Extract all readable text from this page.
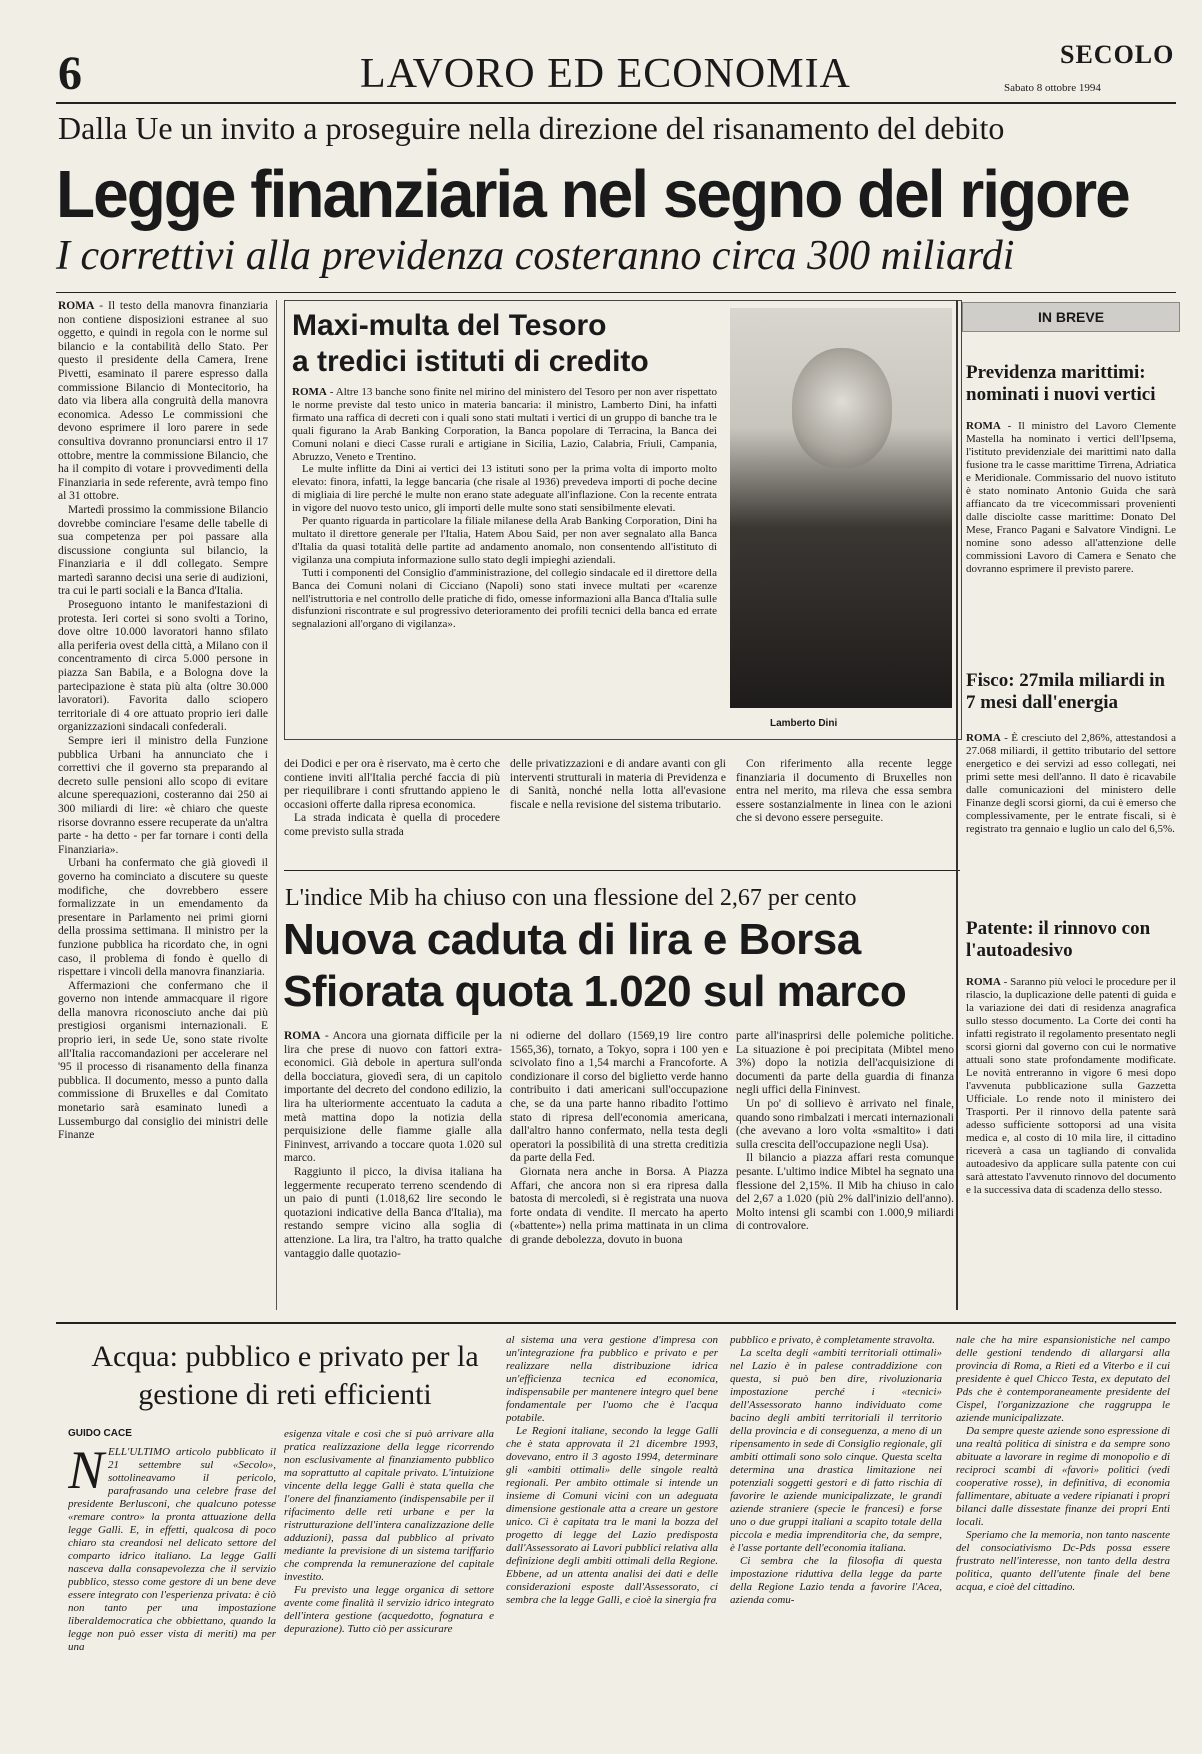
6	LAVORO ED ECONOMIA	SECOLO
Sabato 8 ottobre 1994
Dalla Ue un invito a proseguire nella direzione del risanamento del debito
Legge finanziaria nel segno del rigore
I correttivi alla previdenza costeranno circa 300 miliardi

ROMA - Il testo della manovra finanziaria non contiene disposizioni estranee al suo oggetto, e quindi in regola con le norme sul bilancio e la contabilità dello Stato. Per questo il presidente della Camera, Irene Pivetti, esaminato il parere espresso dalla commissione Bilancio di Montecitorio, ha dato via libera alla congruità della manovra economica. Adesso Le commissioni che devono esprimere il loro parere in sede consultiva dovranno pronunciarsi entro il 17 ottobre, mentre la commissione Bilancio, che ha il compito di votare i provvedimenti della Finanziaria in sede referente, avrà tempo fino al 31 ottobre.

Martedì prossimo la commissione Bilancio dovrebbe cominciare l'esame delle tabelle di sua competenza per poi passare alla discussione congiunta sul bilancio, la Finanziaria e il ddl collegato. Sempre martedì saranno decisi una serie di audizioni, tra cui le parti sociali e la Banca d'Italia.

Proseguono intanto le manifestazioni di protesta. Ieri cortei si sono svolti a Torino, dove oltre 10.000 lavoratori hanno sfilato alla periferia ovest della città, a Milano con il concentramento di circa 5.000 persone in piazza San Babila, e a Bologna dove la partecipazione è stata più alta (oltre 30.000 lavoratori). Favorita dallo sciopero territoriale di 4 ore attuato proprio ieri dalle organizzazioni sindacali confederali.

Sempre ieri il ministro della Funzione pubblica Urbani ha annunciato che i correttivi che il governo sta preparando al decreto sulle pensioni allo scopo di evitare alcune sperequazioni, costeranno dai 250 ai 300 miliardi di lire: «è chiaro che queste risorse dovranno essere recuperate da un'altra parte - ha detto - per far tornare i conti della Finanziaria».

Urbani ha confermato che già giovedì il governo ha cominciato a discutere su queste modifiche, che dovrebbero essere formalizzate in un emendamento da presentare in Parlamento nei primi giorni della prossima settimana. Il ministro per la funzione pubblica ha ricordato che, in ogni caso, il problema di fondo è quello di rispettare i vincoli della manovra finanziaria.

Affermazioni che confermano che il governo non intende ammacquare il rigore della manovra riconosciuto anche dai più prestigiosi organismi internazionali. E proprio ieri, in sede Ue, sono state rivolte all'Italia raccomandazioni per accelerare nel '95 il processo di risanamento della finanza pubblica. Il documento, messo a punto dalla commissione di Bruxelles e dal Comitato monetario sarà esaminato lunedì a Lussemburgo dal consiglio dei ministri delle Finanze

Maxi-multa del Tesoro
a tredici istituti di credito

ROMA - Altre 13 banche sono finite nel mirino del ministero del Tesoro per non aver rispettato le norme previste dal testo unico in materia bancaria: il ministro, Lamberto Dini, ha infatti firmato una raffica di decreti con i quali sono stati multati i vertici di un gruppo di banche tra le quali figurano la Arab Banking Corporation, la Banca popolare di Terracina, la Banca dei Comuni nolani e dieci Casse rurali e artigiane in Sicilia, Lazio, Calabria, Friuli, Campania, Abruzzo, Veneto e Trentino.

Le multe inflitte da Dini ai vertici dei 13 istituti sono per la prima volta di importo molto elevato: finora, infatti, la legge bancaria (che risale al 1936) prevedeva importi di poche decine di migliaia di lire perché le multe non erano state adeguate all'inflazione. Con la recente entrata in vigore del nuovo testo unico, gli importi delle multe sono stati sensibilmente elevati.

Per quanto riguarda in particolare la filiale milanese della Arab Banking Corporation, Dini ha multato il direttore generale per l'Italia, Hatem Abou Said, per non aver segnalato alla Banca d'Italia da quasi totalità delle partite ad andamento anomalo, non consentendo all'istituto di vigilanza una compiuta informazione sullo stato degli impieghi aziendali.

Tutti i componenti del Consiglio d'amministrazione, del collegio sindacale ed il direttore della Banca dei Comuni nolani di Cicciano (Napoli) sono stati invece multati per «carenze nell'istruttoria e nel controllo delle pratiche di fido, omesse informazioni alla Banca d'Italia sulle disfunzioni riscontrate e sul progressivo deterioramento dei profili tecnici della banca ed errate segnalazioni all'organo di vigilanza».

Lamberto Dini

dei Dodici e per ora è riservato, ma è certo che contiene inviti all'Italia perché faccia di più per riequilibrare i conti sfruttando appieno le occasioni offerte dalla ripresa economica.

La strada indicata è quella di procedere come previsto sulla strada

delle privatizzazioni e di andare avanti con gli interventi strutturali in materia di Previdenza e di Sanità, nonché nella lotta all'evasione fiscale e nella revisione del sistema tributario.

Con riferimento alla recente legge finanziaria il documento di Bruxelles non entra nel merito, ma rileva che essa sembra essere sostanzialmente in linea con le azioni che si devono essere perseguite.

L'indice Mib ha chiuso con una flessione del 2,67 per cento
Nuova caduta di lira e Borsa
Sfiorata quota 1.020 sul marco

ROMA - Ancora una giornata difficile per la lira che prese di nuovo con fattori extra-economici. Già debole in apertura sull'onda della bocciatura, giovedì sera, di un capitolo importante del decreto del condono edilizio, la lira ha ulteriormente accentuato la caduta a metà mattina dopo la notizia della perquisizione delle fiamme gialle alla Fininvest, arrivando a toccare quota 1.020 sul marco.

Raggiunto il picco, la divisa italiana ha leggermente recuperato terreno scendendo di un paio di punti (1.018,62 lire secondo le quotazioni indicative della Banca d'Italia), ma restando sempre vicino alla soglia di attenzione. La lira, tra l'altro, ha tratto qualche vantaggio dalle quotazio-

ni odierne del dollaro (1569,19 lire contro 1565,36), tornato, a Tokyo, sopra i 100 yen e scivolato fino a 1,54 marchi a Francoforte. A condizionare il corso del biglietto verde hanno contribuito i dati americani sull'occupazione che, se da una parte hanno ribadito l'ottimo stato di ripresa dell'economia americana, dall'altro hanno confermato, nella testa degli operatori la possibilità di una stretta creditizia da parte della Fed.

Giornata nera anche in Borsa. A Piazza Affari, che ancora non si era ripresa dalla batosta di mercoledì, si è registrata una nuova forte ondata di vendite. Il mercato ha aperto («battente») nella prima mattinata in un clima di grande debolezza, dovuto in buona

parte all'inasprirsi delle polemiche politiche. La situazione è poi precipitata (Mibtel meno 3%) dopo la notizia dell'acquisizione di documenti da parte della guardia di finanza negli uffici della Fininvest.

Un po' di sollievo è arrivato nel finale, quando sono rimbalzati i mercati internazionali (che avevano a loro volta «smaltito» i dati sulla crescita dell'occupazione negli Usa).

Il bilancio a piazza affari resta comunque pesante. L'ultimo indice Mibtel ha segnato una flessione del 2,15%. Il Mib ha chiuso in calo del 2,67 a 1.020 (più 2% dall'inizio dell'anno). Molto intensi gli scambi con 1.000,9 miliardi di controvalore.

IN BREVE
Previdenza marittimi: nominati i nuovi vertici

ROMA - Il ministro del Lavoro Clemente Mastella ha nominato i vertici dell'Ipsema, l'istituto previdenziale dei marittimi nato dalla fusione tra le casse marittime Tirrena, Adriatica e Meridionale. Commissario del nuovo istituto è stato nominato Antonio Guida che sarà affiancato da tre vicecommissari provenienti dalle disciolte casse marittime: Donato Del Mese, Franco Pagani e Salvatore Vindigni. Le nomine sono adesso all'attenzione delle commissioni Lavoro di Camera e Senato che dovranno esprimere il previsto parere.

Fisco: 27mila miliardi in 7 mesi dall'energia

ROMA - È cresciuto del 2,86%, attestandosi a 27.068 miliardi, il gettito tributario del settore energetico e dei servizi ad esso collegati, nei primi sette mesi dell'anno. Il dato è ricavabile dalle comunicazioni del ministero delle Finanze degli scorsi giorni, da cui è emerso che complessivamente, per le entrate fiscali, si è registrato tra gennaio e luglio un calo del 6,5%.

Patente: il rinnovo con l'autoadesivo

ROMA - Saranno più veloci le procedure per il rilascio, la duplicazione delle patenti di guida e la variazione dei dati di residenza anagrafica sullo stesso documento. La Corte dei conti ha infatti registrato il regolamento presentato negli scorsi giorni dal governo con cui le normative attuali sono state profondamente modificate. Le novità entreranno in vigore 6 mesi dopo l'avvenuta pubblicazione sulla Gazzetta Ufficiale. Lo rende noto il ministero dei Trasporti. Per il rinnovo della patente sarà adesso sufficiente sottoporsi ad una visita medica e, al costo di 10 mila lire, il cittadino riceverà a casa un tagliando di convalida autoadesivo da applicare sulla patente con cui sarà attestato l'avvenuto rinnovo del documento e la successiva data di scadenza dello stesso.

Acqua: pubblico e privato per la gestione di reti efficienti
GUIDO CACE
NELL'ULTIMO articolo pubblicato il 21 settembre sul «Secolo», sottolineavamo il pericolo, parafrasando una celebre frase del presidente Berlusconi, che qualcuno potesse «remare contro» la pronta attuazione della legge Galli. E, in effetti, qualcosa di poco chiaro sta creandosi nel delicato settore del comparto idrico italiano. La legge Galli nasceva dalla consapevolezza che il servizio pubblico, stesso come gestore di un bene deve essere integrato con l'esperienza privata: è ciò non tanto per una impostazione liberaldemocratica che obbiettano, quando la legge non può esser vista di meriti) ma per una

esigenza vitale e così che si può arrivare alla pratica realizzazione della legge ricorrendo non esclusivamente al finanziamento pubblico ma soprattutto al capitale privato. L'intuizione vincente della legge Galli è stata quella che l'onere del finanziamento (indispensabile per il rifacimento delle reti urbane e per la ristrutturazione dell'intera canalizzazione delle adduzioni), passa dal pubblico al privato mediante la previsione di un sistema tariffario che comprenda la remunerazione del capitale investito.

Fu previsto una legge organica di settore avente come finalità il servizio idrico integrato dell'intera gestione (acquedotto, fognatura e depurazione). Tutto ciò per assicurare

al sistema una vera gestione d'impresa con un'integrazione fra pubblico e privato e per realizzare nella distribuzione idrica un'efficienza tecnica ed economica, indispensabile per mantenere integro quel bene fondamentale per l'uomo che è l'acqua potabile.

Le Regioni italiane, secondo la legge Galli che è stata approvata il 21 dicembre 1993, dovevano, entro il 3 agosto 1994, determinare gli «ambiti ottimali» delle singole realtà regionali. Per ambito ottimale si intende un insieme di Comuni vicini con un adeguata dimensione gestionale atta a creare un gestore unico. Ci è capitata tra le mani la bozza del progetto di legge del Lazio predisposta dall'Assessorato ai Lavori pubblici relativa alla definizione degli ambiti ottimali della Regione. Ebbene, ad un attenta analisi dei dati e delle considerazioni esposte dall'Assessorato, ci sembra che la legge Galli, e cioè la sinergia fra

pubblico e privato, è completamente stravolta.

La scelta degli «ambiti territoriali ottimali» nel Lazio è in palese contraddizione con questa, si può ben dire, rivoluzionaria impostazione perché i «tecnici» dell'Assessorato hanno individuato come bacino degli ambiti territoriali il territorio della provincia e di conseguenza, a meno di un ripensamento in sede di Consiglio regionale, gli ambiti ottimali sono solo cinque. Questa scelta determina una drastica limitazione nei potenziali soggetti gestori e di fatto rischia di favorire le aziende municipalizzate, le grandi aziende straniere (specie le francesi) e forse uno o due gruppi italiani a scapito totale della piccola e media imprenditoria che, da sempre, è l'asse portante dell'economia italiana.

Ci sembra che la filosofia di questa impostazione riduttiva della legge da parte della Regione Lazio tenda a favorire l'Acea, azienda comu-

nale che ha mire espansionistiche nel campo delle gestioni tendendo di allargarsi alla provincia di Roma, a Rieti ed a Viterbo e il cui presidente è quel Chicco Testa, ex deputato del Pds che è contemporaneamente presidente del Cispel, l'organizzazione che raggruppa le aziende municipalizzate.

Da sempre queste aziende sono espressione di una realtà politica di sinistra e da sempre sono abituate a lavorare in regime di monopolio e di reciproci scambi di «favori» politici (vedi cooperative rosse), in definitiva, di economia fallimentare, abituate a vedere ripianati i propri bilanci dalle dissestate finanze dei propri Enti locali.

Speriamo che la memoria, non tanto nascente del consociativismo Dc-Pds possa essere frustrato nell'interesse, non tanto della destra politica, quanto dell'utente finale del bene acqua, e cioè del cittadino.
